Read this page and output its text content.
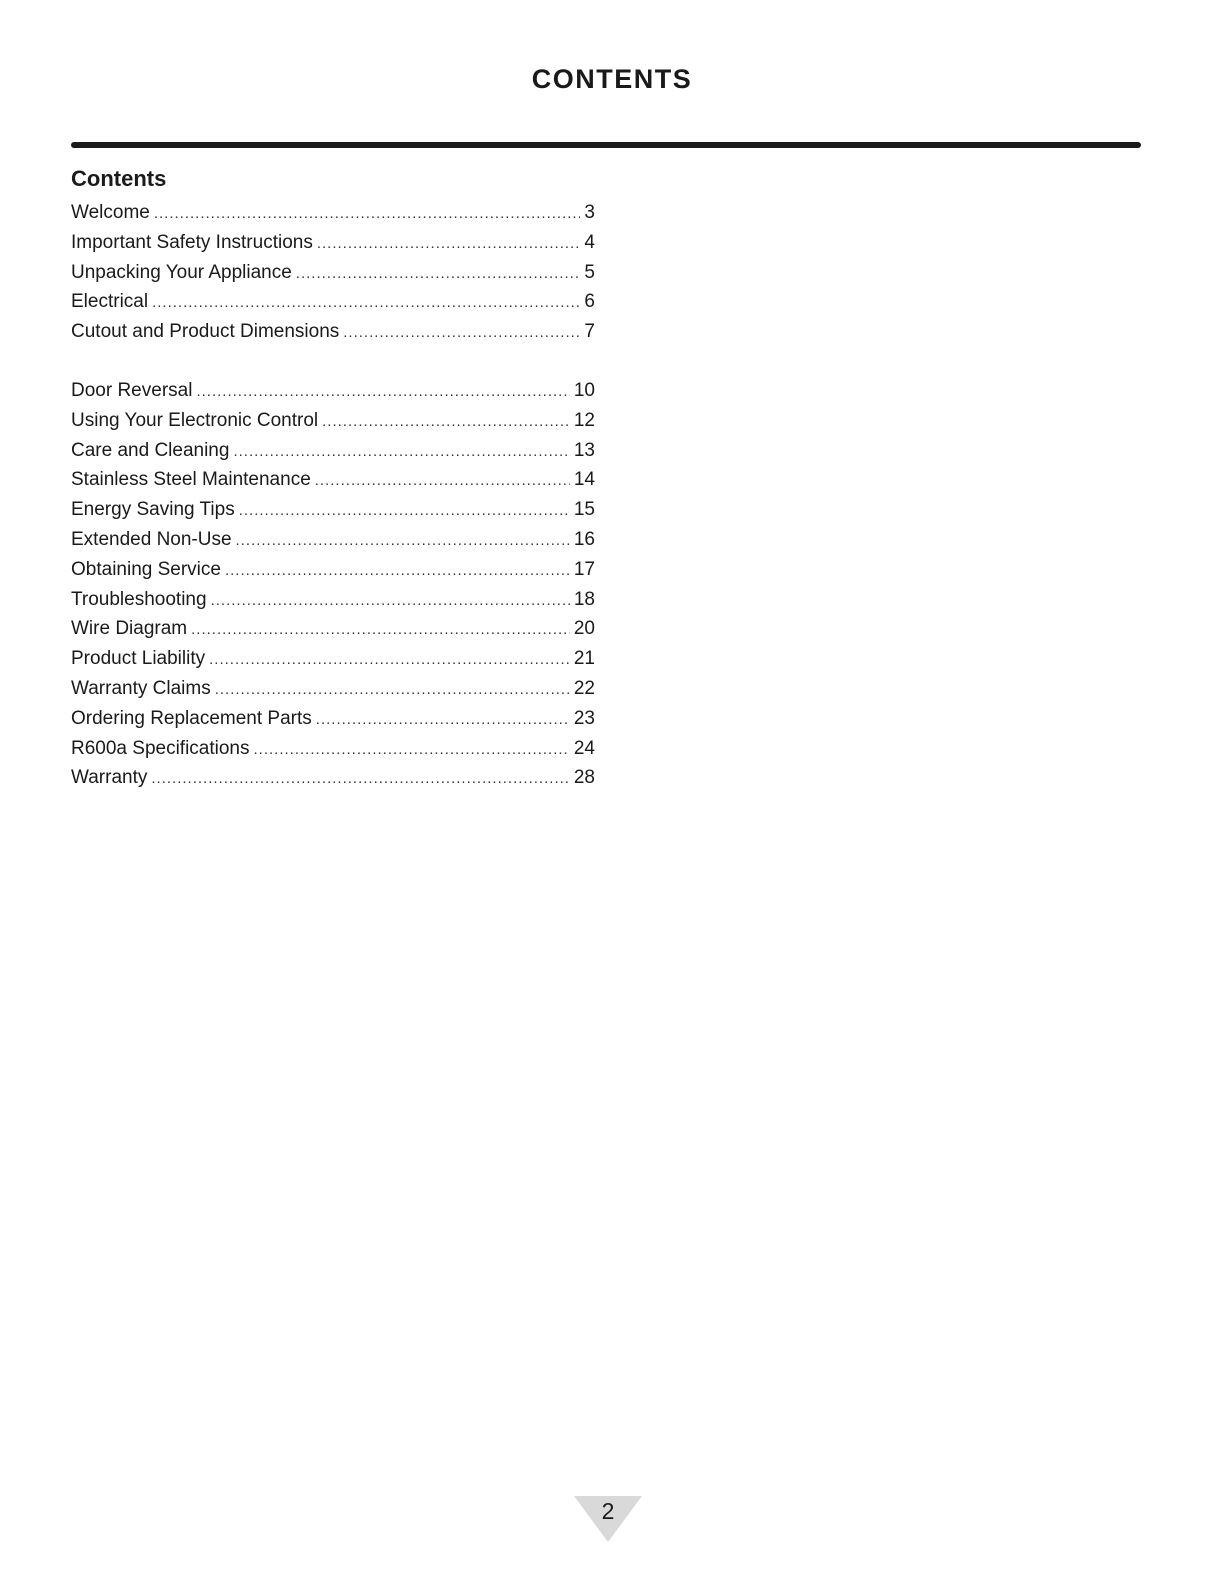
CONTENTS
Contents
Welcome .....	3
Important Safety Instructions .....	4
Unpacking Your Appliance .....	5
Electrical .....	6
Cutout and Product Dimensions .....	7
Door Reversal .....	10
Using Your Electronic Control .....	12
Care and Cleaning .....	13
Stainless Steel Maintenance .....	14
Energy Saving Tips .....	15
Extended Non-Use .....	16
Obtaining Service .....	17
Troubleshooting .....	18
Wire Diagram .....	20
Product Liability .....	21
Warranty Claims .....	22
Ordering Replacement Parts .....	23
R600a Specifications .....	24
Warranty .....	28
2
